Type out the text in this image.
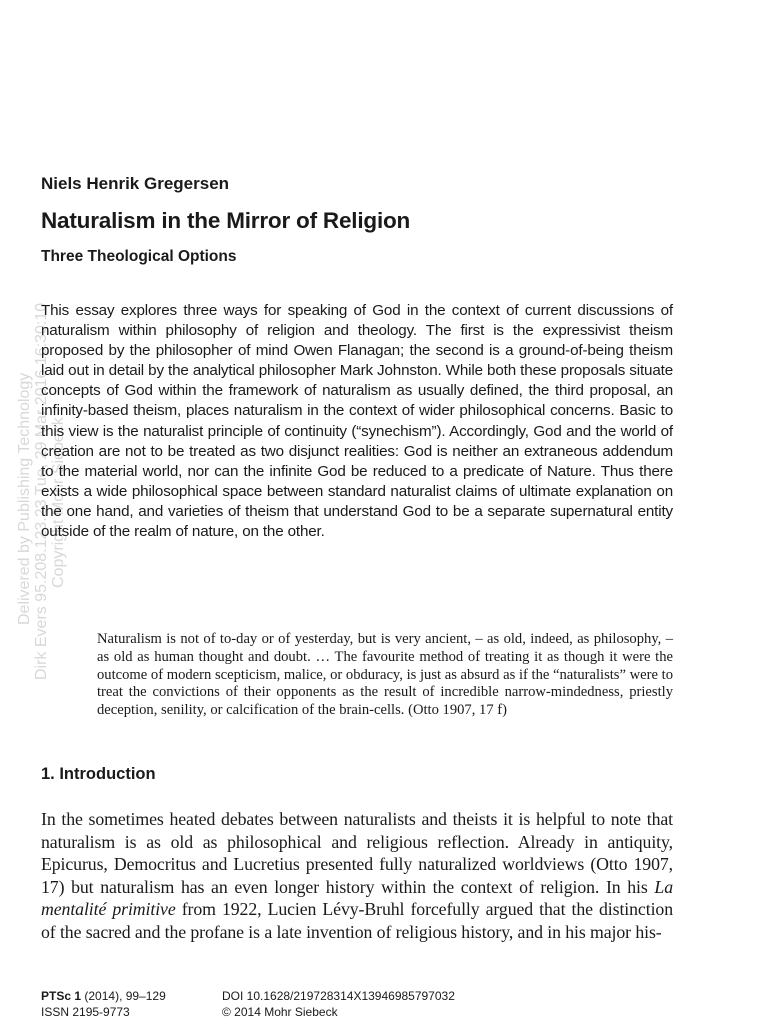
Delivered by Publishing Technology Dirk Evers 95.208.123.23 Tue, 29 Mar 2016 16:30:10 Copyright Mohr Siebeck
Niels Henrik Gregersen
Naturalism in the Mirror of Religion
Three Theological Options

This essay explores three ways for speaking of God in the context of current discussions of naturalism within philosophy of religion and theology. The first is the expressivist theism proposed by the philosopher of mind Owen Flanagan; the second is a ground-of-being theism laid out in detail by the analytical philosopher Mark Johnston. While both these proposals situate concepts of God within the framework of naturalism as usually defined, the third proposal, an infinity-based theism, places naturalism in the context of wider philosophical concerns. Basic to this view is the naturalist principle of continuity (“synechism”). Accordingly, God and the world of creation are not to be treated as two disjunct realities: God is neither an extraneous addendum to the material world, nor can the infinite God be reduced to a predicate of Nature. Thus there exists a wide philosophical space between standard naturalist claims of ultimate explanation on the one hand, and varieties of theism that understand God to be a separate supernatural entity outside of the realm of nature, on the other.

Naturalism is not of to-day or of yesterday, but is very ancient, – as old, indeed, as philosophy, – as old as human thought and doubt. … The favourite method of treating it as though it were the outcome of modern scepticism, malice, or obduracy, is just as absurd as if the “naturalists” were to treat the convictions of their opponents as the result of incredible narrow-mindedness, priestly deception, senility, or calcification of the brain-cells. (Otto 1907, 17 f)

1. Introduction

In the sometimes heated debates between naturalists and theists it is helpful to note that naturalism is as old as philosophical and religious reflection. Already in antiquity, Epicurus, Democritus and Lucretius presented fully naturalized worldviews (Otto 1907, 17) but naturalism has an even longer history within the context of religion. In his La mentalité primitive from 1922, Lucien Lévy-Bruhl forcefully argued that the distinction of the sacred and the profane is a late invention of religious history, and in his major his-

PTSc 1 (2014), 99–129
ISSN 2195-9773
DOI 10.1628/219728314X13946985797032
© 2014 Mohr Siebeck
